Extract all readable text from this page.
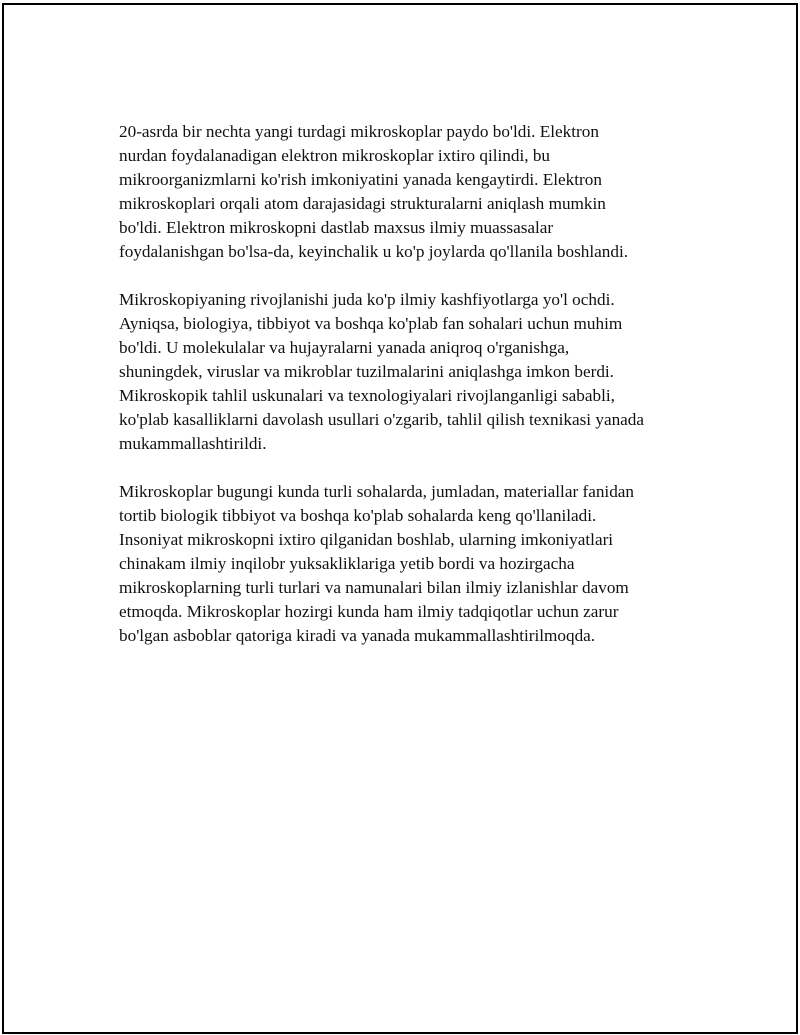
20-asrda bir nechta yangi turdagi mikroskoplar paydo bo'ldi. Elektron
nurdan foydalanadigan elektron mikroskoplar ixtiro qilindi, bu
mikroorganizmlarni ko'rish imkoniyatini yanada kengaytirdi. Elektron
mikroskoplari orqali atom darajasidagi strukturalarni aniqlash mumkin
bo'ldi. Elektron mikroskopni dastlab maxsus ilmiy muassasalar
foydalanishgan bo'lsa-da, keyinchalik u ko'p joylarda qo'llanila boshlandi.

Mikroskopiyaning rivojlanishi juda ko'p ilmiy kashfiyotlarga yo'l ochdi.
Ayniqsa, biologiya, tibbiyot va boshqa ko'plab fan sohalari uchun muhim
bo'ldi. U molekulalar va hujayralarni yanada aniqroq o'rganishga,
shuningdek, viruslar va mikroblar tuzilmalarini aniqlashga imkon berdi.
Mikroskopik tahlil uskunalari va texnologiyalari rivojlanganligi sababli,
ko'plab kasalliklarni davolash usullari o'zgarib, tahlil qilish texnikasi yanada
mukammallashtirildi.

Mikroskoplar bugungi kunda turli sohalarda, jumladan, materiallar fanidan
tortib biologik tibbiyot va boshqa ko'plab sohalarda keng qo'llaniladi.
Insoniyat mikroskopni ixtiro qilganidan boshlab, ularning imkoniyatlari
chinakam ilmiy inqilobr yuksakliklariga yetib bordi va hozirgacha
mikroskoplarning turli turlari va namunalari bilan ilmiy izlanishlar davom
etmoqda. Mikroskoplar hozirgi kunda ham ilmiy tadqiqotlar uchun zarur
bo'lgan asboblar qatoriga kiradi va yanada mukammallashtirilmoqda.
